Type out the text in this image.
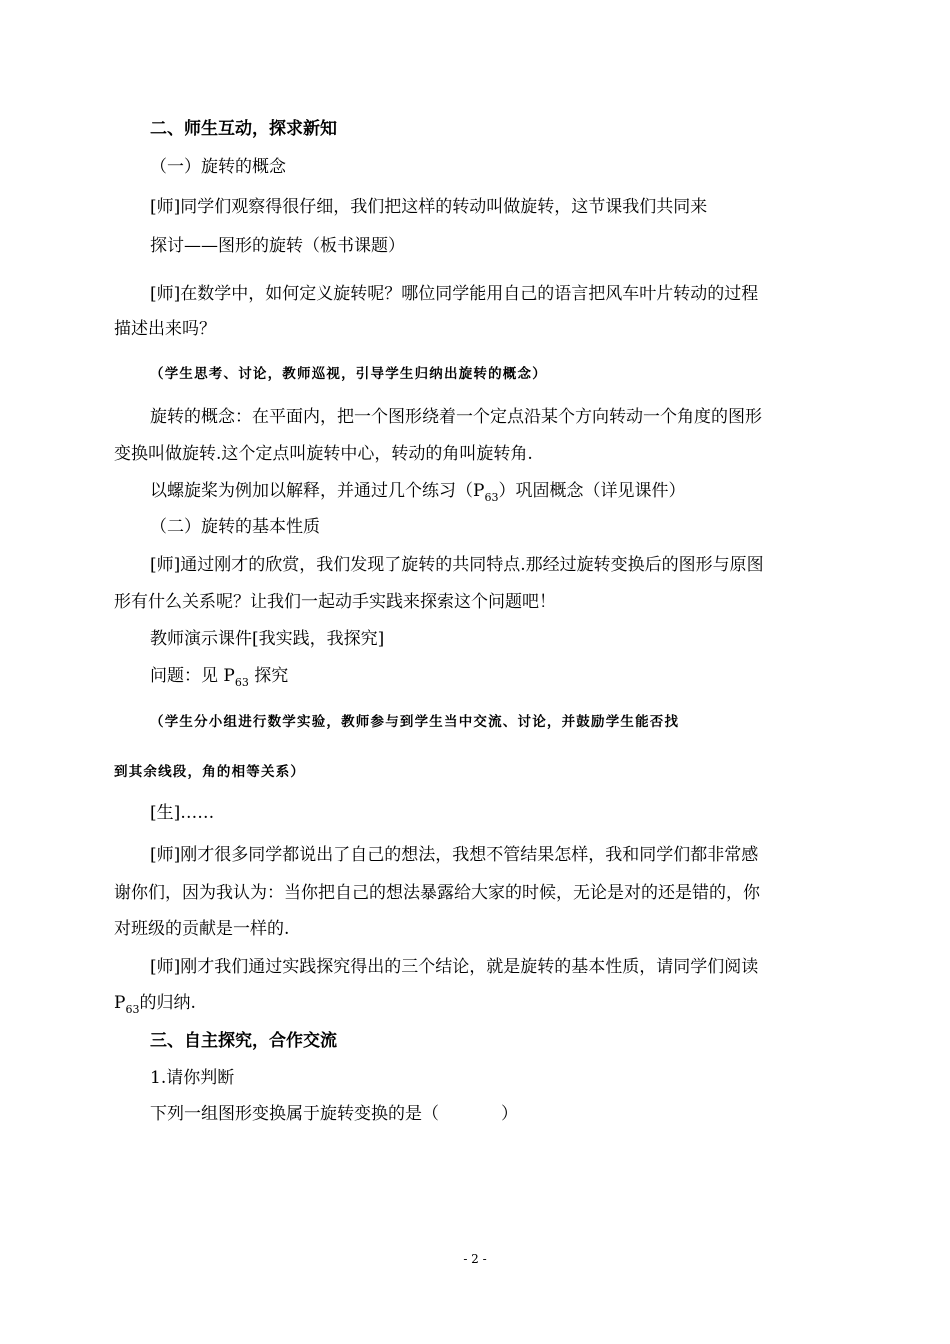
二、师生互动，探求新知
（一）旋转的概念
[师]同学们观察得很仔细，我们把这样的转动叫做旋转，这节课我们共同来
探讨——图形的旋转（板书课题）
[师]在数学中，如何定义旋转呢？哪位同学能用自己的语言把风车叶片转动的过程
描述出来吗？
（学生思考、讨论，教师巡视，引导学生归纳出旋转的概念）
旋转的概念：在平面内，把一个图形绕着一个定点沿某个方向转动一个角度的图形
变换叫做旋转.这个定点叫旋转中心，转动的角叫旋转角.
以螺旋桨为例加以解释，并通过几个练习$(P_{63})$巩固概念（详见课件）
（二）旋转的基本性质
[师]通过刚才的欣赏，我们发现了旋转的共同特点.那经过旋转变换后的图形与原图
形有什么关系呢？让我们一起动手实践来探索这个问题吧！
教师演示课件[我实践，我探究]
问题：见 $P_{63}$ 探究
（学生分小组进行数学实验，教师参与到学生当中交流、讨论，并鼓励学生能否找
到其余线段，角的相等关系）
[生]……
[师]刚才很多同学都说出了自己的想法，我想不管结果怎样，我和同学们都非常感
谢你们，因为我认为：当你把自己的想法暴露给大家的时候，无论是对的还是错的，你
对班级的贡献是一样的.
[师]刚才我们通过实践探究得出的三个结论，就是旋转的基本性质，请同学们阅读
$P_{63}$的归纳.
三、自主探究，合作交流
1.请你判断
下列一组图形变换属于旋转变换的是（	）
- 2 -
